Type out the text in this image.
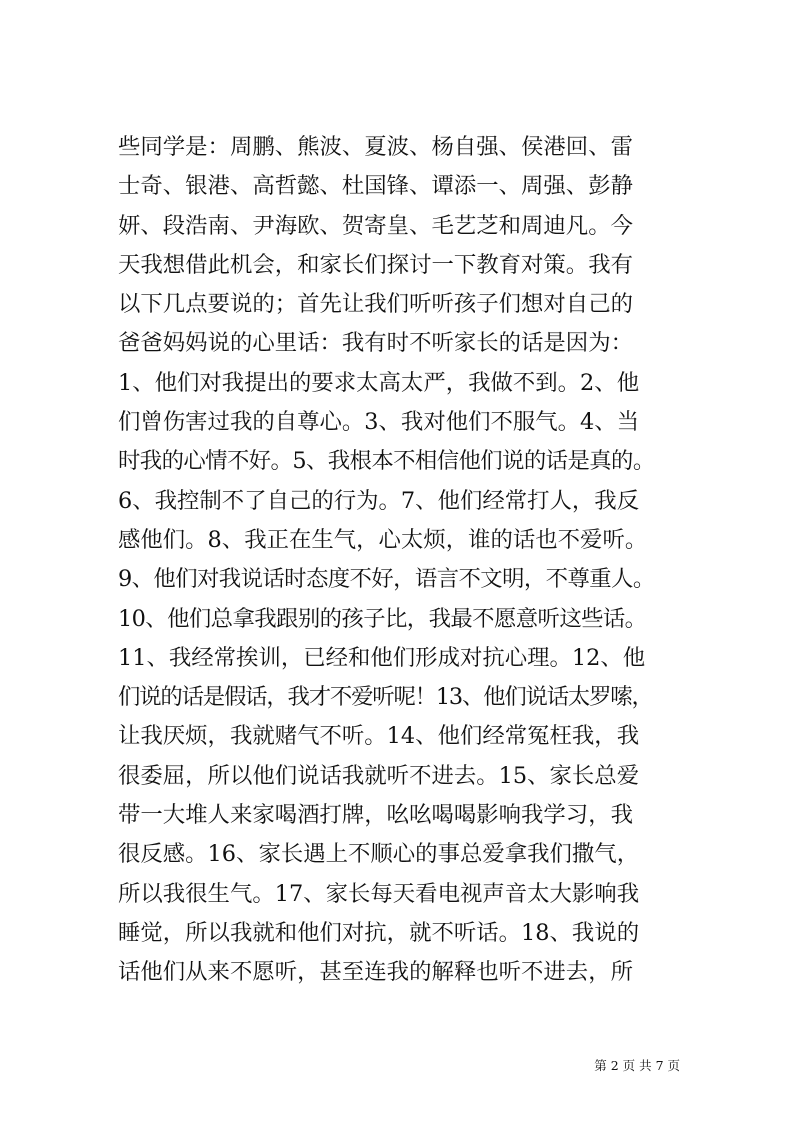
些同学是：周鹏、熊波、夏波、杨自强、侯港回、雷
士奇、银港、高哲懿、杜国锋、谭添一、周强、彭静
妍、段浩南、尹海欧、贺寄皇、毛艺芝和周迪凡。今
天我想借此机会，和家长们探讨一下教育对策。我有
以下几点要说的；首先让我们听听孩子们想对自己的
爸爸妈妈说的心里话：我有时不听家长的话是因为：
1、他们对我提出的要求太高太严，我做不到。2、他
们曾伤害过我的自尊心。3、我对他们不服气。4、当
时我的心情不好。5、我根本不相信他们说的话是真的。
6、我控制不了自己的行为。7、他们经常打人，我反
感他们。8、我正在生气，心太烦，谁的话也不爱听。
9、他们对我说话时态度不好，语言不文明，不尊重人。
10、他们总拿我跟别的孩子比，我最不愿意听这些话。
11、我经常挨训，已经和他们形成对抗心理。12、他
们说的话是假话，我才不爱听呢！13、他们说话太罗嗦，
让我厌烦，我就赌气不听。14、他们经常冤枉我，我
很委屈，所以他们说话我就听不进去。15、家长总爱
带一大堆人来家喝酒打牌，吆吆喝喝影响我学习，我
很反感。16、家长遇上不顺心的事总爱拿我们撒气，
所以我很生气。17、家长每天看电视声音太大影响我
睡觉，所以我就和他们对抗，就不听话。18、我说的
话他们从来不愿听，甚至连我的解释也听不进去，所
第 2 页 共 7 页
